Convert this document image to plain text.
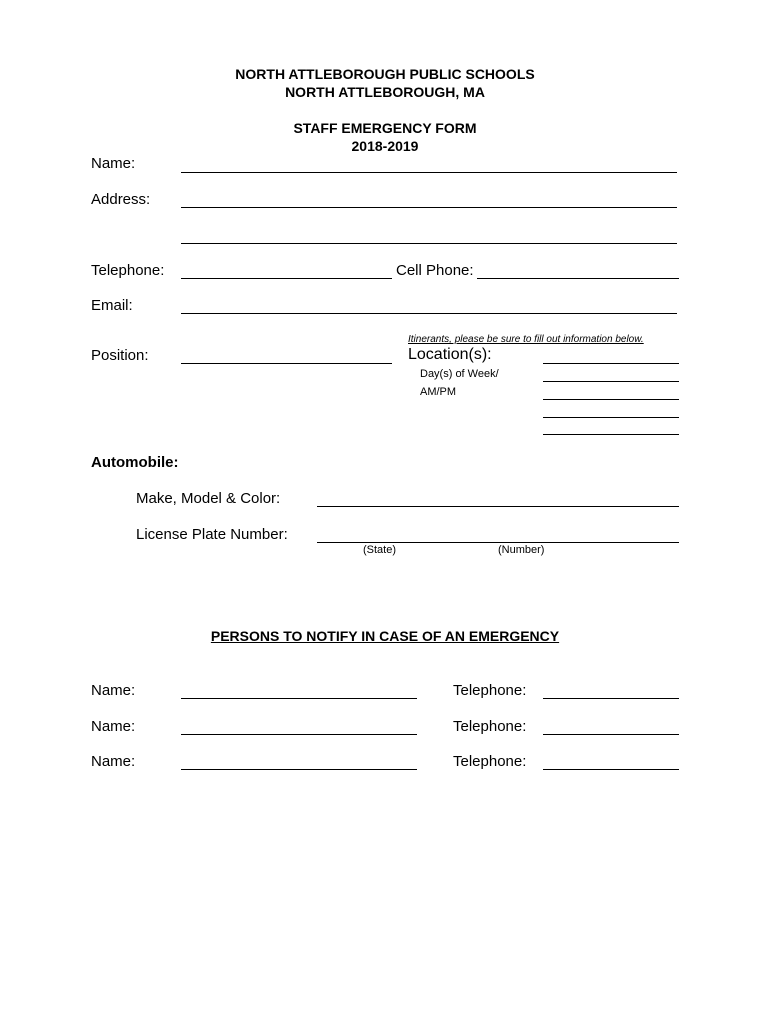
NORTH ATTLEBOROUGH PUBLIC SCHOOLS
NORTH ATTLEBOROUGH, MA
STAFF EMERGENCY FORM
2018-2019
Name:
Address:
Telephone:	Cell Phone:
Email:
Itinerants, please be sure to fill out information below.
Position:	Location(s):
Day(s) of Week/
AM/PM
Automobile:
Make, Model & Color:
License Plate Number:
(State)	(Number)
PERSONS TO NOTIFY IN CASE OF AN EMERGENCY
Name:	Telephone:
Name:	Telephone:
Name:	Telephone:
